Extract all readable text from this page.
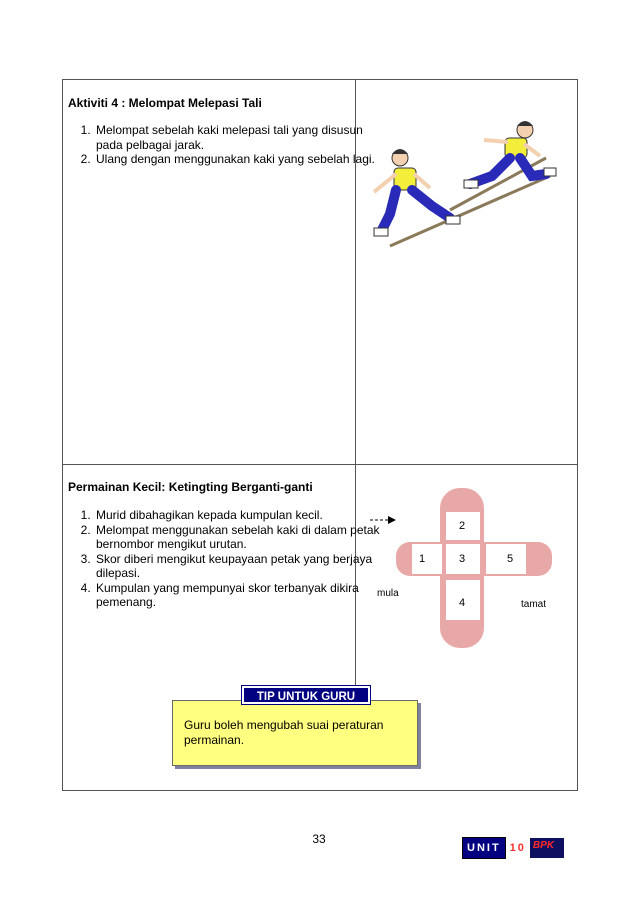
Aktiviti 4 : Melompat Melepasi Tali
1. Melompat sebelah kaki melepasi tali yang disusun pada pelbagai jarak.
2. Ulang dengan menggunakan kaki yang sebelah lagi.
Permainan Kecil: Ketingting Berganti-ganti
1. Murid dibahagikan kepada kumpulan kecil.
2. Melompat menggunakan sebelah kaki di dalam petak bernombor mengikut urutan.
3. Skor diberi mengikut keupayaan petak yang berjaya dilepasi.
4. Kumpulan yang mempunyai skor terbanyak dikira pemenang.
2
1	3	5
4
mula
tamat
TIP UNTUK GURU
Guru boleh mengubah suai peraturan permainan.
33
UNIT 10 BPK
